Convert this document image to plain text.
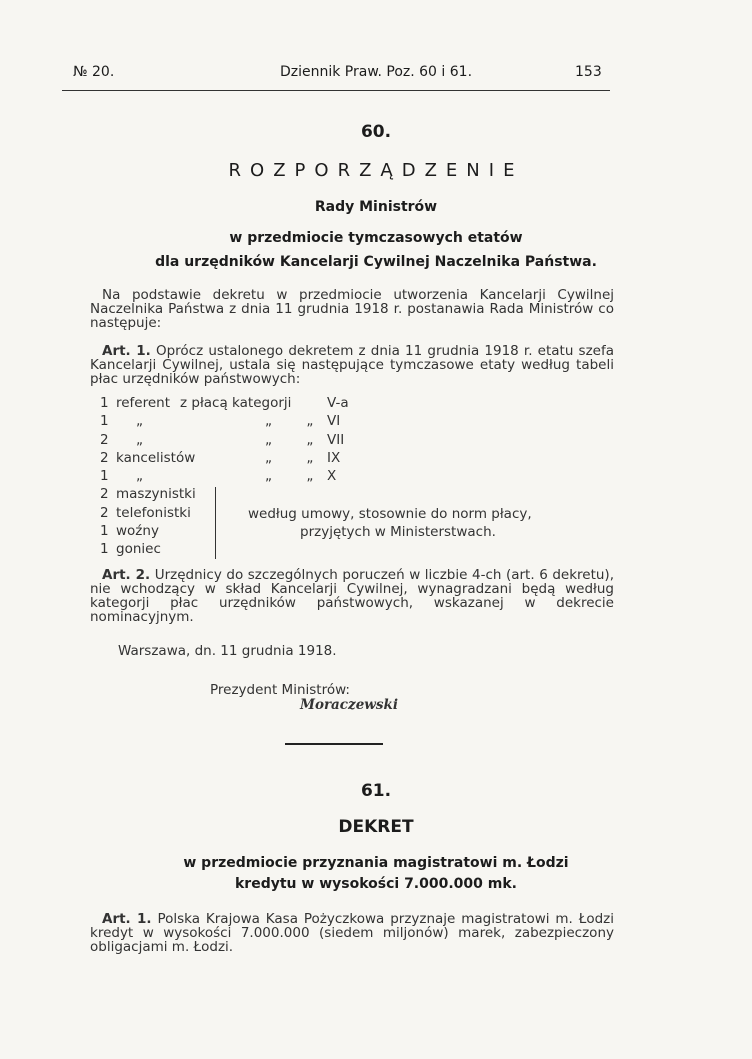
№ 20.	Dziennik Praw. Poz. 60 i 61.	153
60.
ROZPORZĄDZENIE
Rady Ministrów
w przedmiocie tymczasowych etatów
dla urzędników Kancelarji Cywilnej Naczelnika Państwa.
Na podstawie dekretu w przedmiocie utworzenia Kancelarji Cywilnej Naczelnika Państwa z dnia 11 grudnia 1918 r. postanawia Rada Ministrów co następuje:
Art. 1. Oprócz ustalonego dekretem z dnia 11 grudnia 1918 r. etatu szefa Kancelarji Cywilnej, ustala się następujące tymczasowe etaty według tabeli płac urzędników państwowych:
1 referent z płacą kategorji	V-a
1 „	„        „ VI
2 „	„        „ VII
2 kancelistów	„        „ IX
1 „	„        „ X
2 maszynistki
2 telefonistki
1 woźny
1 goniec
według umowy, stosownie do norm płacy,
przyjętych w Ministerstwach.
Art. 2. Urzędnicy do szczególnych poruczeń w liczbie 4-ch (art. 6 dekretu), nie wchodzący w skład Kancelarji Cywilnej, wynagradzani będą według kategorji płac urzędników państwowych, wskazanej w dekrecie nominacyjnym.
Warszawa, dn. 11 grudnia 1918.
Prezydent Ministrów:
Moraczewski
61.
DEKRET
w przedmiocie przyznania magistratowi m. Łodzi
kredytu w wysokości 7.000.000 mk.
Art. 1. Polska Krajowa Kasa Pożyczkowa przyznaje magistratowi m. Łodzi kredyt w wysokości 7.000.000 (siedem miljonów) marek, zabezpieczony obligacjami m. Łodzi.
